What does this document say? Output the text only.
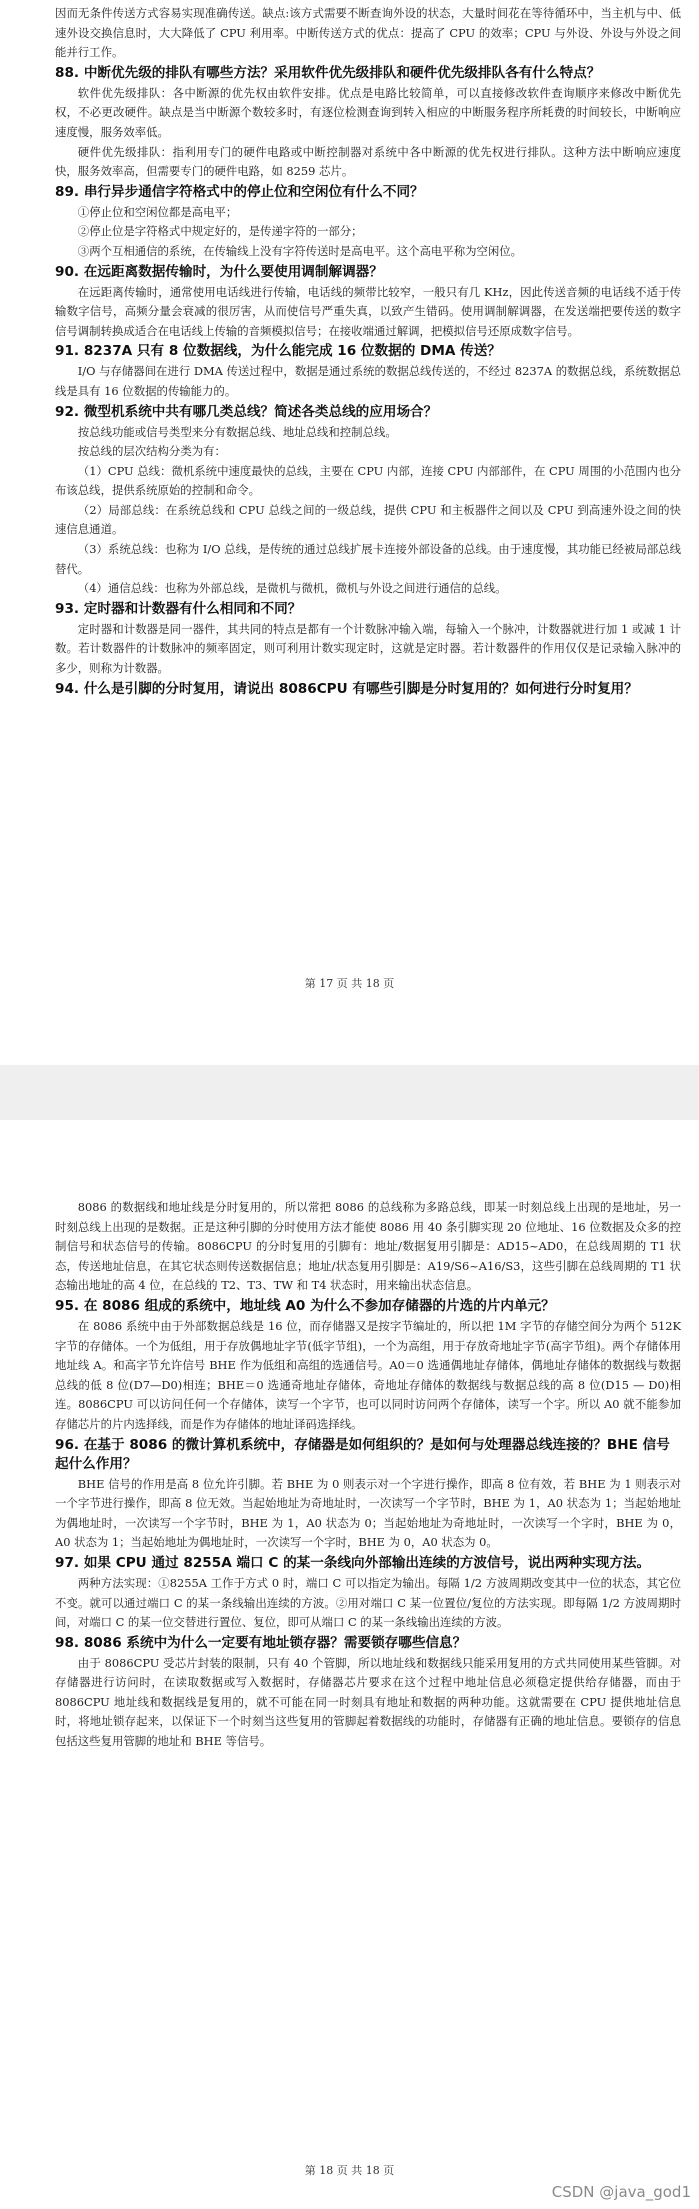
因而无条件传送方式容易实现准确传送。缺点:该方式需要不断查询外设的状态，大量时间花在等待循环中，当主机与中、低速外设交换信息时，大大降低了 CPU 利用率。中断传送方式的优点：提高了 CPU 的效率；CPU 与外设、外设与外设之间能并行工作。

88. 中断优先级的排队有哪些方法？采用软件优先级排队和硬件优先级排队各有什么特点？

软件优先级排队：各中断源的优先权由软件安排。优点是电路比较简单，可以直接修改软件查询顺序来修改中断优先权，不必更改硬件。缺点是当中断源个数较多时，有逐位检测查询到转入相应的中断服务程序所耗费的时间较长，中断响应速度慢，服务效率低。

硬件优先级排队：指利用专门的硬件电路或中断控制器对系统中各中断源的优先权进行排队。这种方法中断响应速度快，服务效率高，但需要专门的硬件电路，如 8259 芯片。

89. 串行异步通信字符格式中的停止位和空闲位有什么不同？

①停止位和空闲位都是高电平；

②停止位是字符格式中规定好的，是传递字符的一部分；

③两个互相通信的系统，在传输线上没有字符传送时是高电平。这个高电平称为空闲位。

90. 在远距离数据传输时，为什么要使用调制解调器？

在远距离传输时，通常使用电话线进行传输，电话线的频带比较窄，一般只有几 KHz，因此传送音频的电话线不适于传输数字信号，高频分量会衰减的很厉害，从而使信号严重失真，以致产生错码。使用调制解调器，在发送端把要传送的数字信号调制转换成适合在电话线上传输的音频模拟信号；在接收端通过解调，把模拟信号还原成数字信号。

91. 8237A 只有 8 位数据线，为什么能完成 16 位数据的 DMA 传送？

I/O 与存储器间在进行 DMA 传送过程中，数据是通过系统的数据总线传送的，不经过 8237A 的数据总线，系统数据总线是具有 16 位数据的传输能力的。

92. 微型机系统中共有哪几类总线？简述各类总线的应用场合？

按总线功能或信号类型来分有数据总线、地址总线和控制总线。

按总线的层次结构分类为有：

（1）CPU 总线：微机系统中速度最快的总线，主要在 CPU 内部，连接 CPU 内部部件，在 CPU 周围的小范围内也分布该总线，提供系统原始的控制和命令。

（2）局部总线：在系统总线和 CPU 总线之间的一级总线，提供 CPU 和主板器件之间以及 CPU 到高速外设之间的快速信息通道。

（3）系统总线：也称为 I/O 总线，是传统的通过总线扩展卡连接外部设备的总线。由于速度慢，其功能已经被局部总线替代。

（4）通信总线：也称为外部总线，是微机与微机，微机与外设之间进行通信的总线。

93. 定时器和计数器有什么相同和不同？

定时器和计数器是同一器件，其共同的特点是都有一个计数脉冲输入端，每输入一个脉冲，计数器就进行加 1 或减 1 计数。若计数器件的计数脉冲的频率固定，则可利用计数实现定时，这就是定时器。若计数器件的作用仅仅是记录输入脉冲的多少，则称为计数器。

94. 什么是引脚的分时复用，请说出 8086CPU 有哪些引脚是分时复用的？如何进行分时复用？

第 17 页 共 18 页

8086 的数据线和地址线是分时复用的，所以常把 8086 的总线称为多路总线，即某一时刻总线上出现的是地址，另一时刻总线上出现的是数据。正是这种引脚的分时使用方法才能使 8086 用 40 条引脚实现 20 位地址、16 位数据及众多的控制信号和状态信号的传输。8086CPU 的分时复用的引脚有：地址/数据复用引脚是：AD15~AD0，在总线周期的 T1 状态，传送地址信息，在其它状态则传送数据信息；地址/状态复用引脚是：A19/S6~A16/S3，这些引脚在总线周期的 T1 状态输出地址的高 4 位，在总线的 T2、T3、TW 和 T4 状态时，用来输出状态信息。

95. 在 8086 组成的系统中，地址线 A0 为什么不参加存储器的片选的片内单元？

在 8086 系统中由于外部数据总线是 16 位，而存储器又是按字节编址的，所以把 1M 字节的存储空间分为两个 512K 字节的存储体。一个为低组，用于存放偶地址字节(低字节组)，一个为高组，用于存放奇地址字节(高字节组)。两个存储体用地址线 A。和高字节允许信号 BHE 作为低组和高组的选通信号。A0＝0 选通偶地址存储体，偶地址存储体的数据线与数据总线的低 8 位(D7—D0)相连；BHE＝0 选通奇地址存储体，奇地址存储体的数据线与数据总线的高 8 位(D15 — D0)相连。8086CPU 可以访问任何一个存储体，读写一个字节，也可以同时访问两个存储体，读写一个字。所以 A0 就不能参加存储芯片的片内选择线，而是作为存储体的地址译码选择线。

96. 在基于 8086 的微计算机系统中，存储器是如何组织的？是如何与处理器总线连接的？BHE 信号起什么作用？

BHE 信号的作用是高 8 位允许引脚。若 BHE 为 0 则表示对一个字进行操作，即高 8 位有效，若 BHE 为 1 则表示对一个字节进行操作，即高 8 位无效。当起始地址为奇地址时，一次读写一个字节时，BHE 为 1，A0 状态为 1；当起始地址为偶地址时，一次读写一个字节时，BHE 为 1，A0 状态为 0；当起始地址为奇地址时，一次读写一个字时，BHE 为 0，A0 状态为 1；当起始地址为偶地址时，一次读写一个字时，BHE 为 0，A0 状态为 0。

97. 如果 CPU 通过 8255A 端口 C 的某一条线向外部输出连续的方波信号，说出两种实现方法。

两种方法实现：①8255A 工作于方式 0 时，端口 C 可以指定为输出。每隔 1/2 方波周期改变其中一位的状态，其它位不变。就可以通过端口 C 的某一条线输出连续的方波。②用对端口 C 某一位置位/复位的方法实现。即每隔 1/2 方波周期时间，对端口 C 的某一位交替进行置位、复位，即可从端口 C 的某一条线输出连续的方波。

98. 8086 系统中为什么一定要有地址锁存器？需要锁存哪些信息？

由于 8086CPU 受芯片封装的限制，只有 40 个管脚，所以地址线和数据线只能采用复用的方式共同使用某些管脚。对存储器进行访问时，在读取数据或写入数据时，存储器芯片要求在这个过程中地址信息必须稳定提供给存储器，而由于 8086CPU 地址线和数据线是复用的，就不可能在同一时刻具有地址和数据的两种功能。这就需要在 CPU 提供地址信息时，将地址锁存起来，以保证下一个时刻当这些复用的管脚起着数据线的功能时，存储器有正确的地址信息。要锁存的信息包括这些复用管脚的地址和 BHE 等信号。

第 18 页 共 18 页
CSDN @java_god1
